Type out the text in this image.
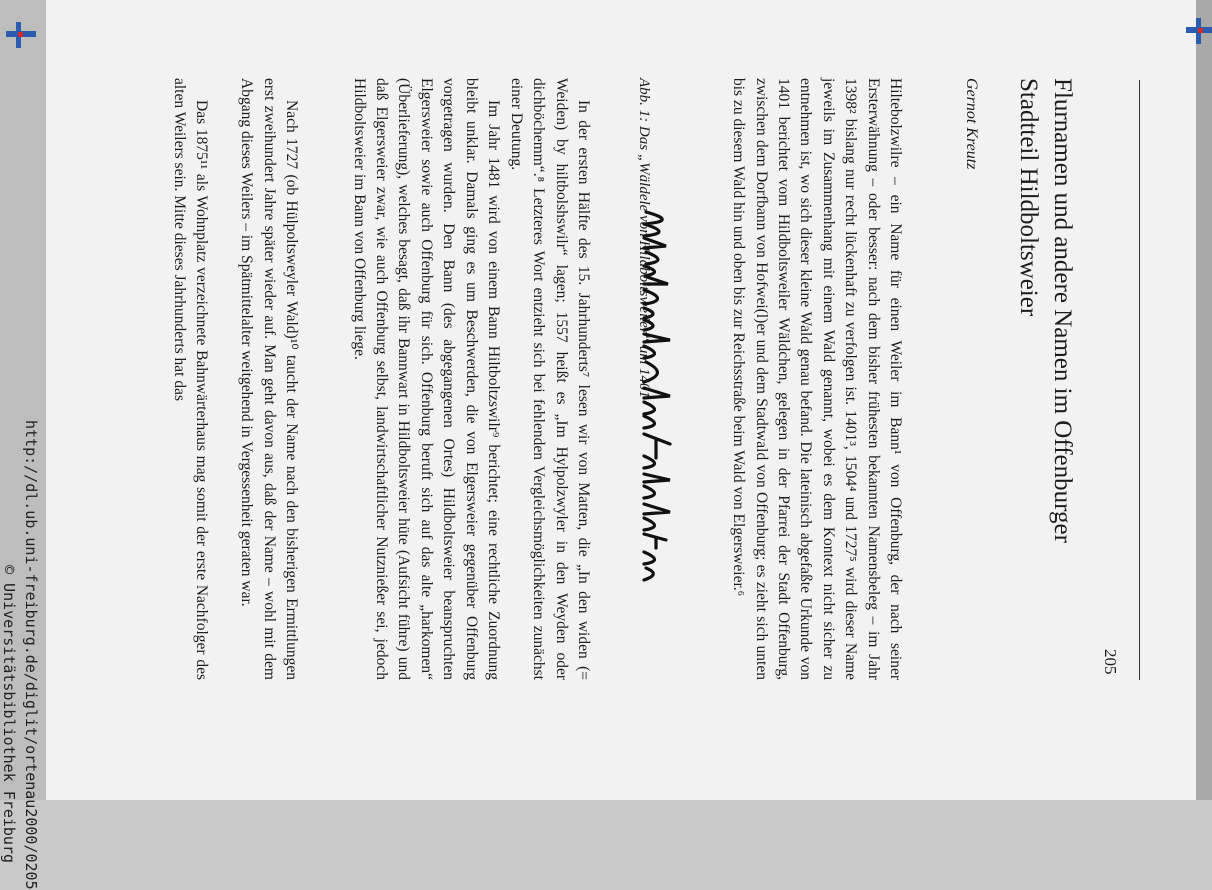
http://dl.ub.uni-freiburg.de/diglit/ortenau2000/0205
© Universitätsbibliothek Freiburg	205
Flurnamen und andere Namen im Offenburger
Stadtteil Hildboltsweier
Gernot Kreutz
Hiltebolzwilre – ein Name für einen Weiler im Bann¹ von Offenburg, der nach seiner Ersterwähnung – oder besser: nach dem bisher frühesten bekannten Namensbeleg – im Jahr 1398² bislang nur recht lückenhaft zu verfolgen ist. 1401³, 1504⁴ und 1727⁵ wird dieser Name jeweils im Zusammenhang mit einem Wald genannt, wobei es dem Kontext nicht sicher zu entnehmen ist, wo sich dieser kleine Wald genau befand. Die lateinisch abgefaßte Urkunde von 1401 berichtet vom Hildboltsweiler Wäldchen, gelegen in der Pfarrei der Stadt Offenburg, zwischen dem Dorfbann von Hofwei(l)er und dem Stadtwald von Offenburg; es zieht sich unten bis zu diesem Wald hin und oben bis zur Reichsstraße beim Wald von Elgersweier.⁶
Abb. 1: Das „Wäldele von Hildboltsweiler“ um 1401
In der ersten Hälfte des 15. Jahrhunderts⁷ lesen wir von Matten, die „In den widen (= Weiden) by hiltbolshswilr“ lagen; 1557 heißt es „Im Hylpolzwyler in den Weyden oder dichböchemm“.⁸ Letzteres Wort entzieht sich bei fehlenden Vergleichsmöglichkeiten zunächst einer Deutung.
Im Jahr 1481 wird von einem Bann Hiltboltzswilr⁹ berichtet; eine rechtliche Zuordnung bleibt unklar. Damals ging es um Beschwerden, die von Elgersweier gegenüber Offenburg vorgetragen wurden. Den Bann (des abgegangenen Ortes) Hildboltsweier beanspruchten Elgersweier sowie auch Offenburg für sich. Offenburg beruft sich auf das alte „harkomen“ (Überlieferung), welches besagt, daß ihr Bannwart in Hildboltsweier hüte (Aufsicht führe) und daß Elgersweier zwar, wie auch Offenburg selbst, landwirtschaftlicher Nutznießer sei, jedoch Hildboltsweier im Bann von Offenburg liege.
Nach 1727 (ob Hülpoltsweyler Wald)¹⁰ taucht der Name nach den bisherigen Ermittlungen erst zweihundert Jahre später wieder auf. Man geht davon aus, daß der Name – wohl mit dem Abgang dieses Weilers – im Spätmittelalter weitgehend in Vergessenheit geraten war.
Das 1875¹¹ als Wohnplatz verzeichnete Bahnwärterhaus mag somit der erste Nachfolger des alten Weilers sein. Mitte dieses Jahrhunderts hat das
